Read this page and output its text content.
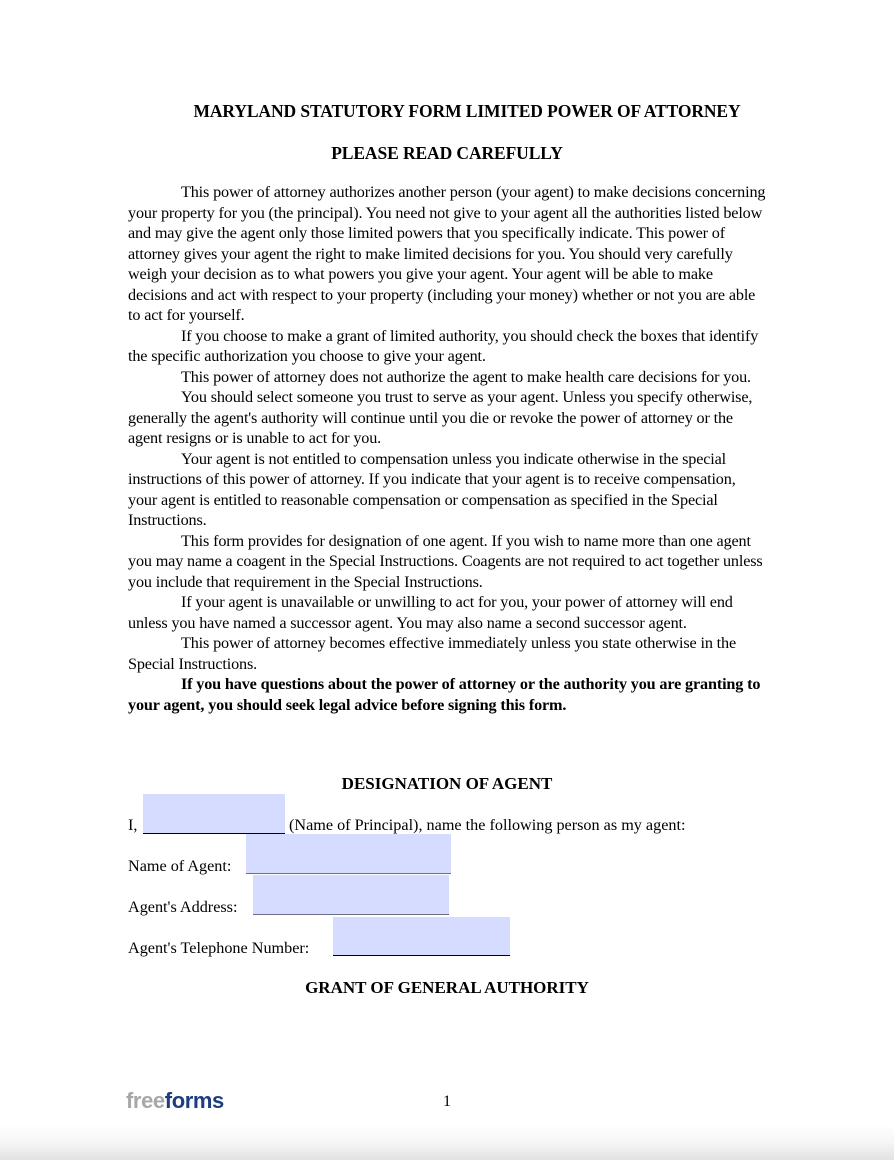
MARYLAND STATUTORY FORM LIMITED POWER OF ATTORNEY
PLEASE READ CAREFULLY

This power of attorney authorizes another person (your agent) to make decisions concerning your property for you (the principal). You need not give to your agent all the authorities listed below and may give the agent only those limited powers that you specifically indicate. This power of attorney gives your agent the right to make limited decisions for you. You should very carefully weigh your decision as to what powers you give your agent. Your agent will be able to make decisions and act with respect to your property (including your money) whether or not you are able to act for yourself.

If you choose to make a grant of limited authority, you should check the boxes that identify the specific authorization you choose to give your agent.

This power of attorney does not authorize the agent to make health care decisions for you.

You should select someone you trust to serve as your agent. Unless you specify otherwise, generally the agent's authority will continue until you die or revoke the power of attorney or the agent resigns or is unable to act for you.

Your agent is not entitled to compensation unless you indicate otherwise in the special instructions of this power of attorney. If you indicate that your agent is to receive compensation, your agent is entitled to reasonable compensation or compensation as specified in the Special Instructions.

This form provides for designation of one agent. If you wish to name more than one agent you may name a coagent in the Special Instructions. Coagents are not required to act together unless you include that requirement in the Special Instructions.

If your agent is unavailable or unwilling to act for you, your power of attorney will end unless you have named a successor agent. You may also name a second successor agent.

This power of attorney becomes effective immediately unless you state otherwise in the Special Instructions.

If you have questions about the power of attorney or the authority you are granting to your agent, you should seek legal advice before signing this form.

DESIGNATION OF AGENT
I,	(Name of Principal), name the following person as my agent:
Name of Agent:
Agent's Address:
Agent's Telephone Number:
GRANT OF GENERAL AUTHORITY
freeforms	1
